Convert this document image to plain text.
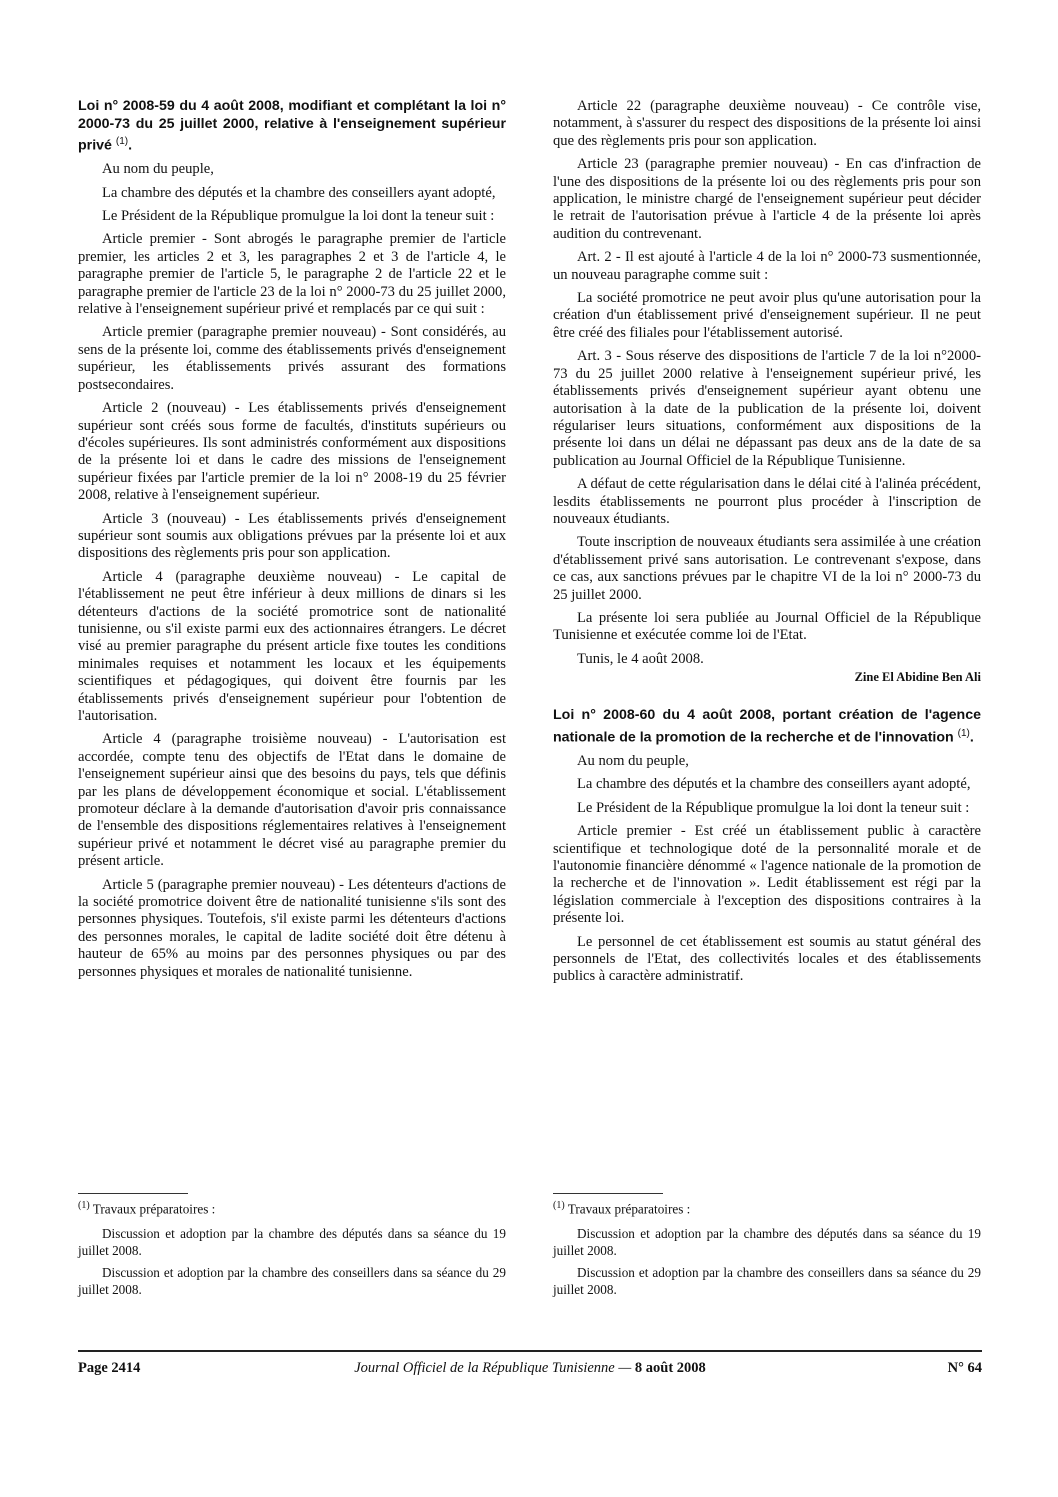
Loi n° 2008-59 du 4 août 2008, modifiant et complétant la loi n° 2000-73 du 25 juillet 2000, relative à l'enseignement supérieur privé $^{(1)}$.

Au nom du peuple,

La chambre des députés et la chambre des conseillers ayant adopté,

Le Président de la République promulgue la loi dont la teneur suit :

Article premier - Sont abrogés le paragraphe premier de l'article premier, les articles 2 et 3, les paragraphes 2 et 3 de l'article 4, le paragraphe premier de l'article 5, le paragraphe 2 de l'article 22 et le paragraphe premier de l'article 23 de la loi n° 2000-73 du 25 juillet 2000, relative à l'enseignement supérieur privé et remplacés par ce qui suit :

Article premier (paragraphe premier nouveau) - Sont considérés, au sens de la présente loi, comme des établissements privés d'enseignement supérieur, les établissements privés assurant des formations postsecondaires.

Article 2 (nouveau) - Les établissements privés d'enseignement supérieur sont créés sous forme de facultés, d'instituts supérieurs ou d'écoles supérieures. Ils sont administrés conformément aux dispositions de la présente loi et dans le cadre des missions de l'enseignement supérieur fixées par l'article premier de la loi n° 2008-19 du 25 février 2008, relative à l'enseignement supérieur.

Article 3 (nouveau) - Les établissements privés d'enseignement supérieur sont soumis aux obligations prévues par la présente loi et aux dispositions des règlements pris pour son application.

Article 4 (paragraphe deuxième nouveau) - Le capital de l'établissement ne peut être inférieur à deux millions de dinars si les détenteurs d'actions de la société promotrice sont de nationalité tunisienne, ou s'il existe parmi eux des actionnaires étrangers. Le décret visé au premier paragraphe du présent article fixe toutes les conditions minimales requises et notamment les locaux et les équipements scientifiques et pédagogiques, qui doivent être fournis par les établissements privés d'enseignement supérieur pour l'obtention de l'autorisation.

Article 4 (paragraphe troisième nouveau) - L'autorisation est accordée, compte tenu des objectifs de l'Etat dans le domaine de l'enseignement supérieur ainsi que des besoins du pays, tels que définis par les plans de développement économique et social. L'établissement promoteur déclare à la demande d'autorisation d'avoir pris connaissance de l'ensemble des dispositions réglementaires relatives à l'enseignement supérieur privé et notamment le décret visé au paragraphe premier du présent article.

Article 5 (paragraphe premier nouveau) - Les détenteurs d'actions de la société promotrice doivent être de nationalité tunisienne s'ils sont des personnes physiques. Toutefois, s'il existe parmi les détenteurs d'actions des personnes morales, le capital de ladite société doit être détenu à hauteur de 65% au moins par des personnes physiques ou par des personnes physiques et morales de nationalité tunisienne.

Article 22 (paragraphe deuxième nouveau) - Ce contrôle vise, notamment, à s'assurer du respect des dispositions de la présente loi ainsi que des règlements pris pour son application.

Article 23 (paragraphe premier nouveau) - En cas d'infraction de l'une des dispositions de la présente loi ou des règlements pris pour son application, le ministre chargé de l'enseignement supérieur peut décider le retrait de l'autorisation prévue à l'article 4 de la présente loi après audition du contrevenant.

Art. 2 - Il est ajouté à l'article 4 de la loi n° 2000-73 susmentionnée, un nouveau paragraphe comme suit :

La société promotrice ne peut avoir plus qu'une autorisation pour la création d'un établissement privé d'enseignement supérieur. Il ne peut être créé des filiales pour l'établissement autorisé.

Art. 3 - Sous réserve des dispositions de l'article 7 de la loi n°2000-73 du 25 juillet 2000 relative à l'enseignement supérieur privé, les établissements privés d'enseignement supérieur ayant obtenu une autorisation à la date de la publication de la présente loi, doivent régulariser leurs situations, conformément aux dispositions de la présente loi dans un délai ne dépassant pas deux ans de la date de sa publication au Journal Officiel de la République Tunisienne.

A défaut de cette régularisation dans le délai cité à l'alinéa précédent, lesdits établissements ne pourront plus procéder à l'inscription de nouveaux étudiants.

Toute inscription de nouveaux étudiants sera assimilée à une création d'établissement privé sans autorisation. Le contrevenant s'expose, dans ce cas, aux sanctions prévues par le chapitre VI de la loi n° 2000-73 du 25 juillet 2000.

La présente loi sera publiée au Journal Officiel de la République Tunisienne et exécutée comme loi de l'Etat.

Tunis, le 4 août 2008.

Zine El Abidine Ben Ali
Loi n° 2008-60 du 4 août 2008, portant création de l'agence nationale de la promotion de la recherche et de l'innovation $^{(1)}$.

Au nom du peuple,

La chambre des députés et la chambre des conseillers ayant adopté,

Le Président de la République promulgue la loi dont la teneur suit :

Article premier - Est créé un établissement public à caractère scientifique et technologique doté de la personnalité morale et de l'autonomie financière dénommé « l'agence nationale de la promotion de la recherche et de l'innovation ». Ledit établissement est régi par la législation commerciale à l'exception des dispositions contraires à la présente loi.

Le personnel de cet établissement est soumis au statut général des personnels de l'Etat, des collectivités locales et des établissements publics à caractère administratif.

$^{(1)}$ Travaux préparatoires :
Discussion et adoption par la chambre des députés dans sa séance du 19 juillet 2008.
Discussion et adoption par la chambre des conseillers dans sa séance du 29 juillet 2008.
$^{(1)}$ Travaux préparatoires :
Discussion et adoption par la chambre des députés dans sa séance du 19 juillet 2008.
Discussion et adoption par la chambre des conseillers dans sa séance du 29 juillet 2008.
Page 2414	Journal Officiel de la République Tunisienne — 8 août 2008	N° 64
